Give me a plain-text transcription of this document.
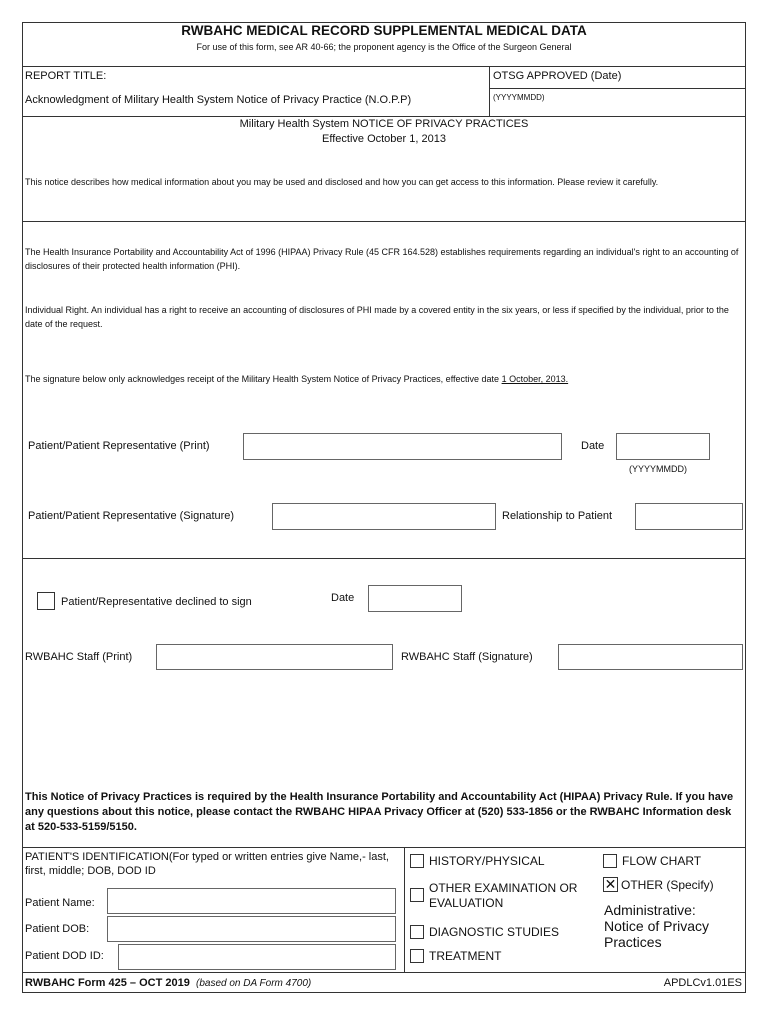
RWBAHC MEDICAL RECORD SUPPLEMENTAL MEDICAL DATA
For use of this form, see AR 40-66; the proponent agency is the Office of the Surgeon General
REPORT TITLE:
Acknowledgment of Military Health System Notice of Privacy Practice (N.O.P.P)
OTSG APPROVED (Date)
(YYYYMMDD)
Military Health System NOTICE OF PRIVACY PRACTICES
Effective October 1, 2013
This notice describes how medical information about you may be used and disclosed and how you can get access to this information. Please review it carefully.
The Health Insurance Portability and Accountability Act of 1996 (HIPAA) Privacy Rule (45 CFR 164.528) establishes requirements regarding an individual's right to an accounting of disclosures of their protected health information (PHI).
Individual Right. An individual has a right to receive an accounting of disclosures of PHI made by a covered entity in the six years, or less if specified by the individual, prior to the date of the request.
The signature below only acknowledges receipt of the Military Health System Notice of Privacy Practices, effective date 1 October, 2013.
Patient/Patient Representative (Print)	Date
(YYYYMMDD)
Patient/Patient Representative (Signature)	Relationship to Patient
Patient/Representative declined to sign	Date
RWBAHC Staff (Print)	RWBAHC Staff (Signature)
This Notice of Privacy Practices is required by the Health Insurance Portability and Accountability Act (HIPAA) Privacy Rule. If you have any questions about this notice, please contact the RWBAHC HIPAA Privacy Officer at (520) 533-1856 or the RWBAHC Information desk at 520-533-5159/5150.
PATIENT'S IDENTIFICATION(For typed or written entries give Name,- last, first, middle; DOB, DOD ID
Patient Name:
Patient DOB:
Patient DOD ID:
HISTORY/PHYSICAL
OTHER EXAMINATION OR EVALUATION
DIAGNOSTIC STUDIES
TREATMENT
FLOW CHART
✕ OTHER (Specify)
Administrative: Notice of Privacy Practices
RWBAHC Form 425 – OCT 2019 (based on DA Form 4700)	APDLCv1.01ES
